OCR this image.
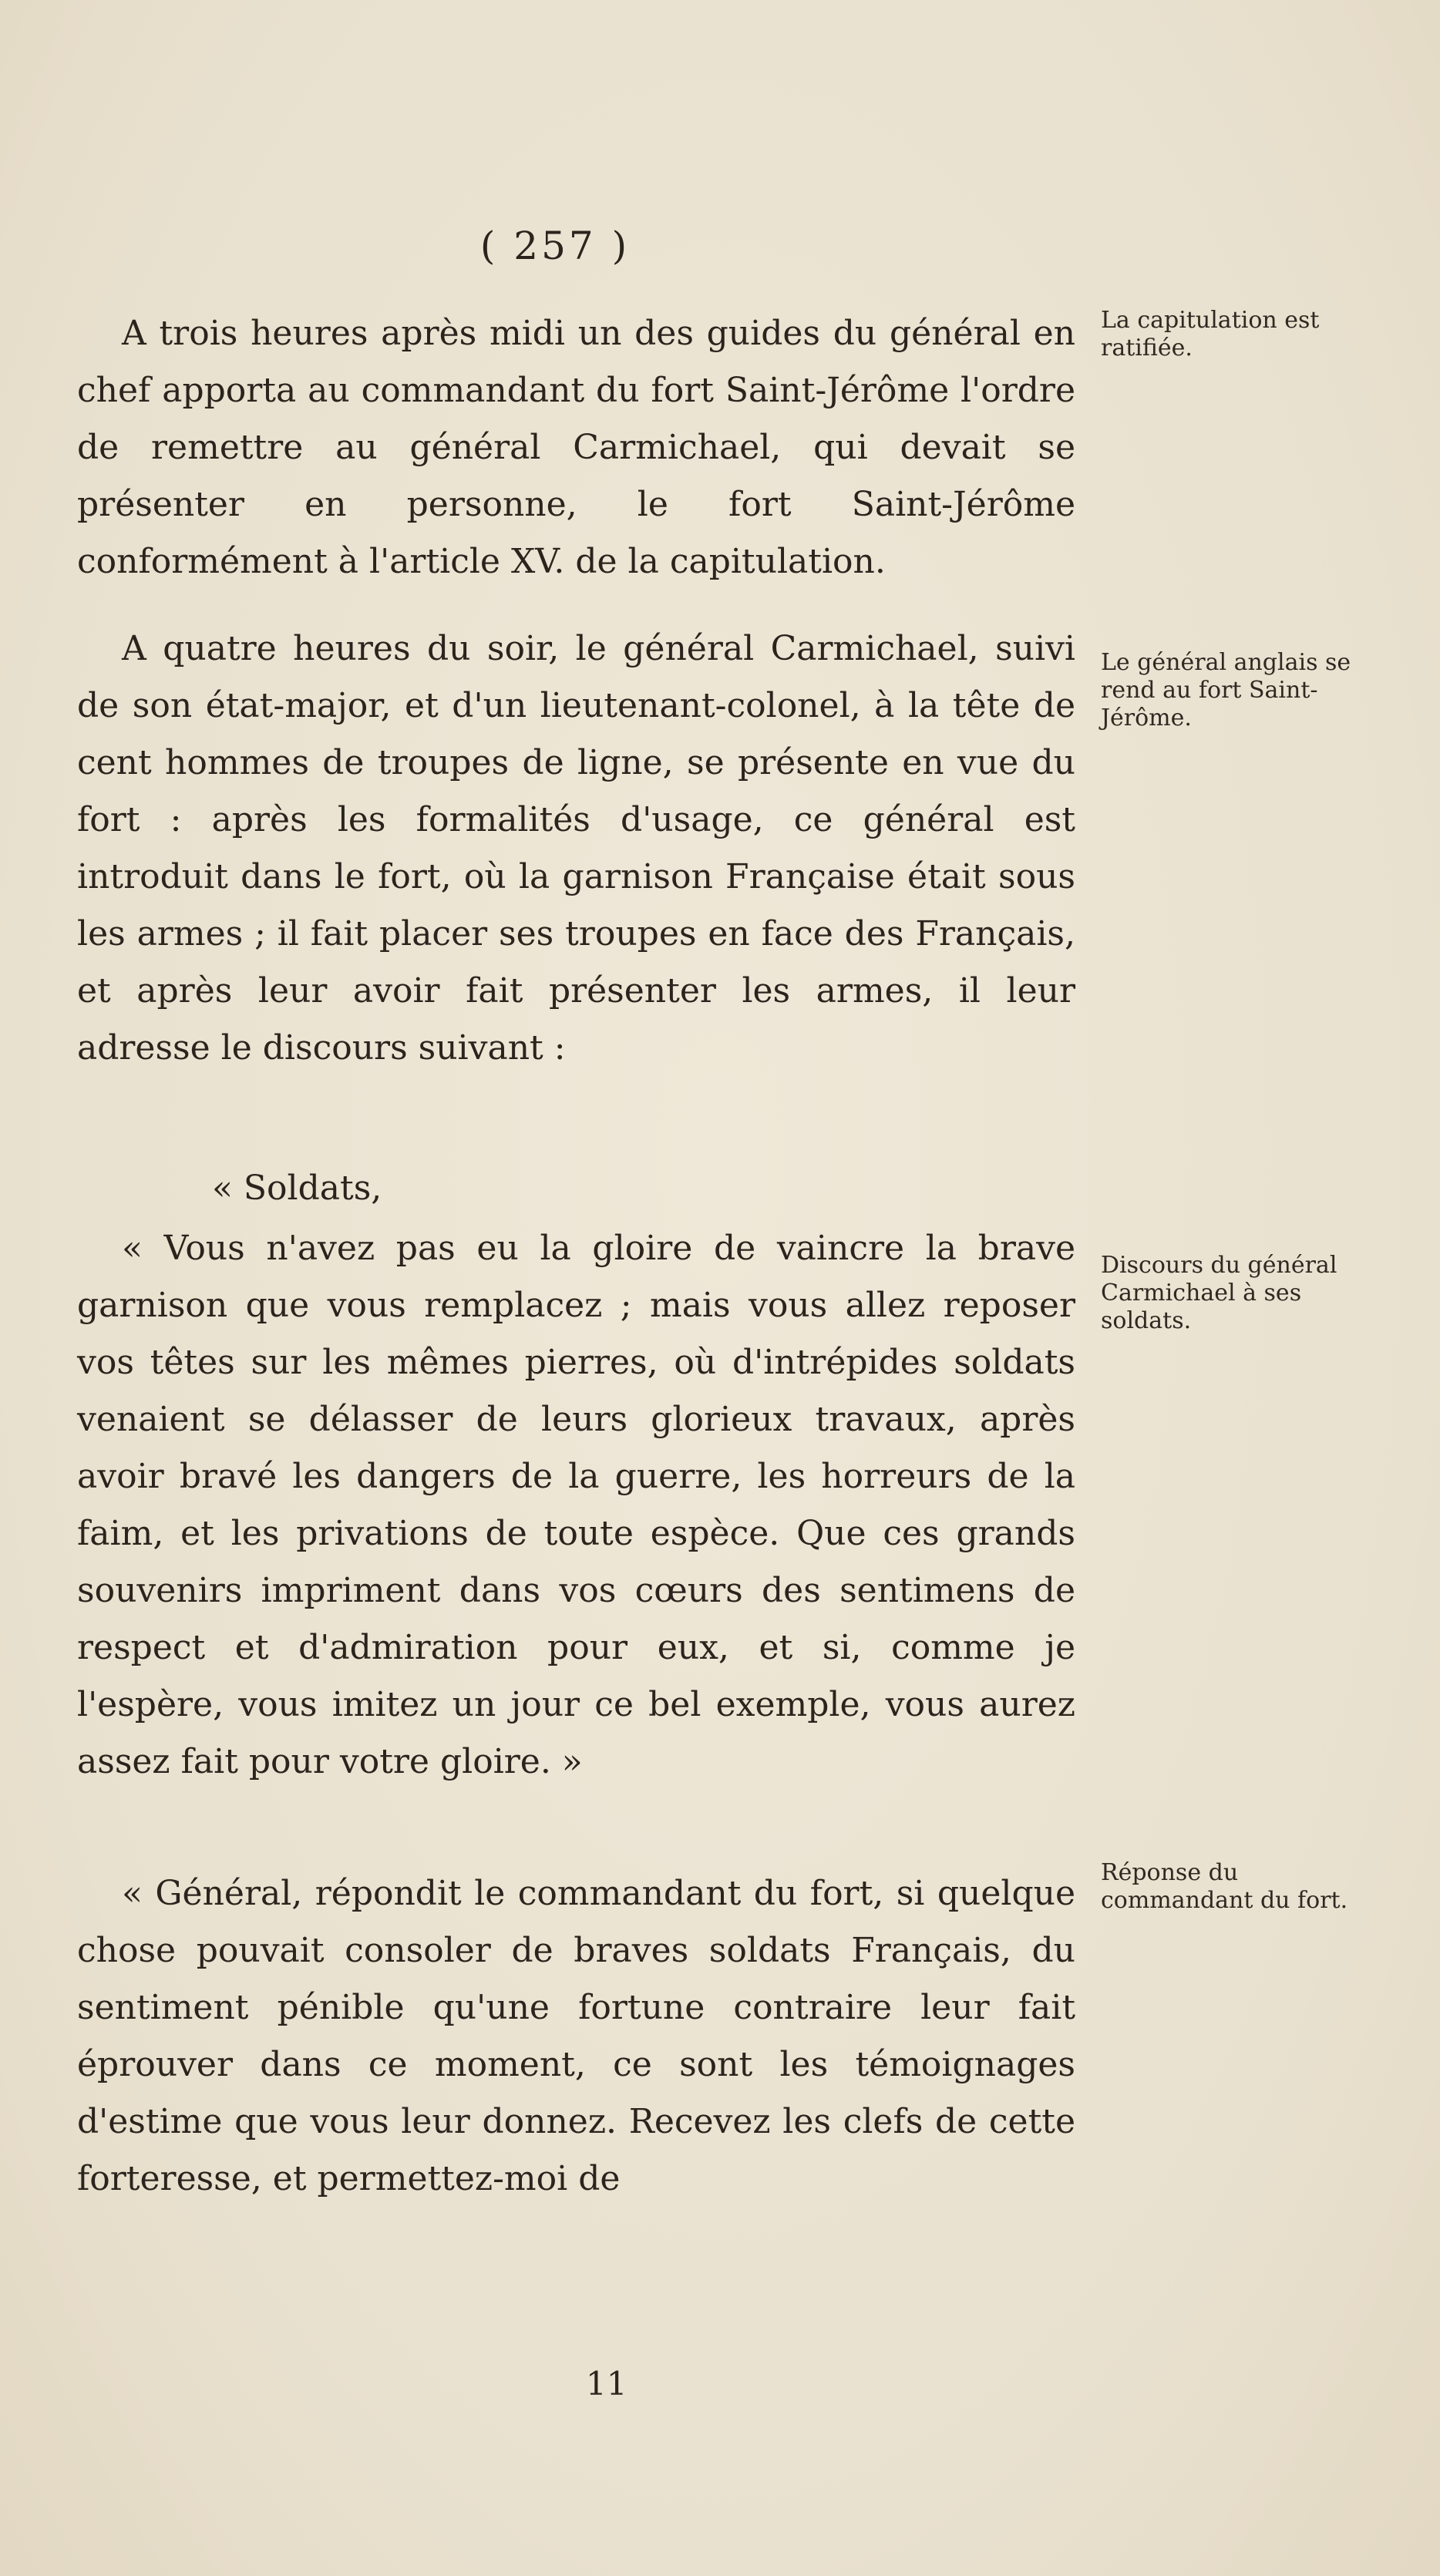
( 257 )

A trois heures après midi un des guides du général en chef apporta au commandant du fort Saint-Jérôme l'ordre de remettre au général Carmichael, qui devait se présenter en personne, le fort Saint-Jérôme conformément à l'article XV. de la capitulation.

A quatre heures du soir, le général Carmichael, suivi de son état-major, et d'un lieutenant-colonel, à la tête de cent hommes de troupes de ligne, se présente en vue du fort : après les formalités d'usage, ce général est introduit dans le fort, où la garnison Française était sous les armes ; il fait placer ses troupes en face des Français, et après leur avoir fait présenter les armes, il leur adresse le discours suivant :

« Soldats,

« Vous n'avez pas eu la gloire de vaincre la brave garnison que vous remplacez ; mais vous allez reposer vos têtes sur les mêmes pierres, où d'intrépides soldats venaient se délasser de leurs glorieux travaux, après avoir bravé les dangers de la guerre, les horreurs de la faim, et les privations de toute espèce. Que ces grands souvenirs impriment dans vos cœurs des sentimens de respect et d'admiration pour eux, et si, comme je l'espère, vous imitez un jour ce bel exemple, vous aurez assez fait pour votre gloire. »

« Général, répondit le commandant du fort, si quelque chose pouvait consoler de braves soldats Français, du sentiment pénible qu'une fortune contraire leur fait éprouver dans ce moment, ce sont les témoignages d'estime que vous leur donnez. Recevez les clefs de cette forteresse, et permettez-moi de

11
La capitulation est ratifiée.
Le général anglais se rend au fort Saint-Jérôme.
Discours du général Carmichael à ses soldats.
Réponse du commandant du fort.
